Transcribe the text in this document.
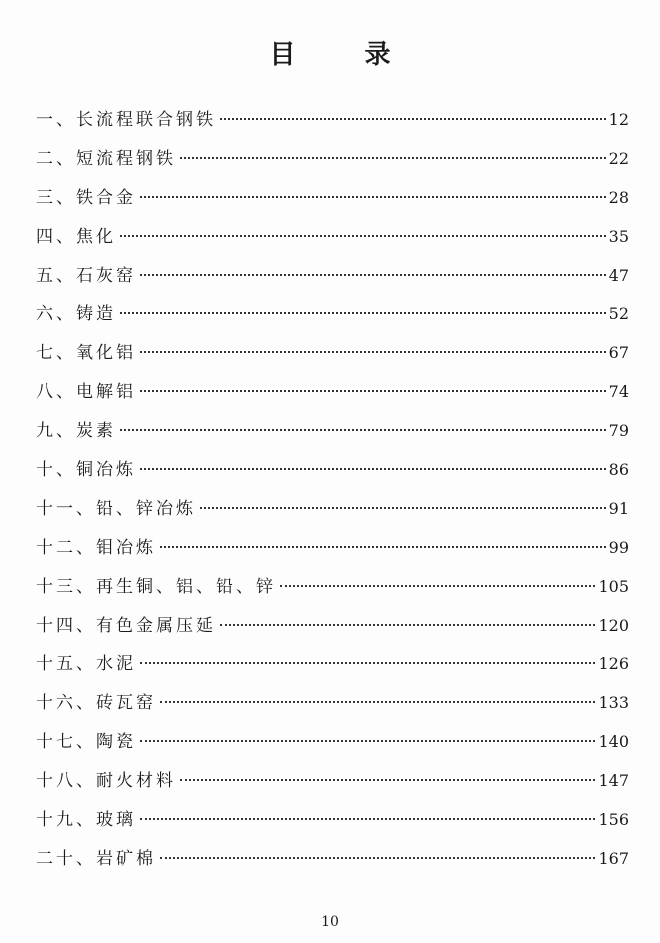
目 录
一、长流程联合钢铁	12
二、短流程钢铁	22
三、铁合金	28
四、焦化	35
五、石灰窑	47
六、铸造	52
七、氧化铝	67
八、电解铝	74
九、炭素	79
十、铜冶炼	86
十一、铅、锌冶炼	91
十二、钼冶炼	99
十三、再生铜、铝、铅、锌	105
十四、有色金属压延	120
十五、水泥	126
十六、砖瓦窑	133
十七、陶瓷	140
十八、耐火材料	147
十九、玻璃	156
二十、岩矿棉	167
10
